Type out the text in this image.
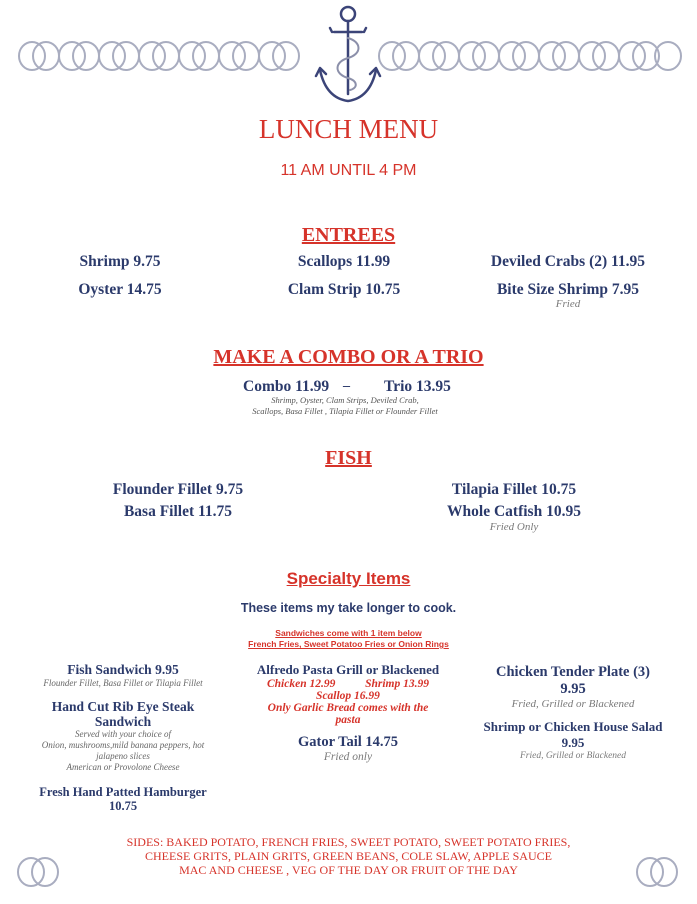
LUNCH MENU
11 AM UNTIL 4 PM
ENTREES
Shrimp 9.75	Scallops 11.99	Deviled Crabs (2) 11.95
Oyster 14.75	Clam Strip 10.75	Bite Size Shrimp 7.95
Fried
MAKE A COMBO OR A TRIO
Combo 11.99 _ Trio 13.95
Shrimp, Oyster, Clam Strips, Deviled Crab,
Scallops, Basa Fillet , Tilapia Fillet or Flounder Fillet
FISH
Flounder Fillet 9.75	Tilapia Fillet 10.75
Basa Fillet 11.75	Whole Catfish 10.95
Fried Only
Specialty Items
These items my take longer to cook.
Sandwiches come with 1 item below
French Fries, Sweet Potatoo Fries or Onion Rings
Fish Sandwich 9.95
Flounder Fillet, Basa Fillet or Tilapia Fillet
Hand Cut Rib Eye Steak
Sandwich
Served with your choice of
Onion, mushrooms,mild banana peppers, hot
jalapeno slices
American or Provolone Cheese
Fresh Hand Patted Hamburger
10.75
Alfredo Pasta Grill or Blackened
Chicken 12.99	Shrimp 13.99
Scallop 16.99
Only Garlic Bread comes with the
pasta
Gator Tail 14.75
Fried only
Chicken Tender Plate (3)
9.95
Fried, Grilled or Blackened
Shrimp or Chicken House Salad
9.95
Fried, Grilled or Blackened
SIDES: BAKED POTATO, FRENCH FRIES, SWEET POTATO, SWEET POTATO FRIES,
CHEESE GRITS, PLAIN GRITS, GREEN BEANS, COLE SLAW, APPLE SAUCE
MAC AND CHEESE , VEG OF THE DAY OR FRUIT OF THE DAY
